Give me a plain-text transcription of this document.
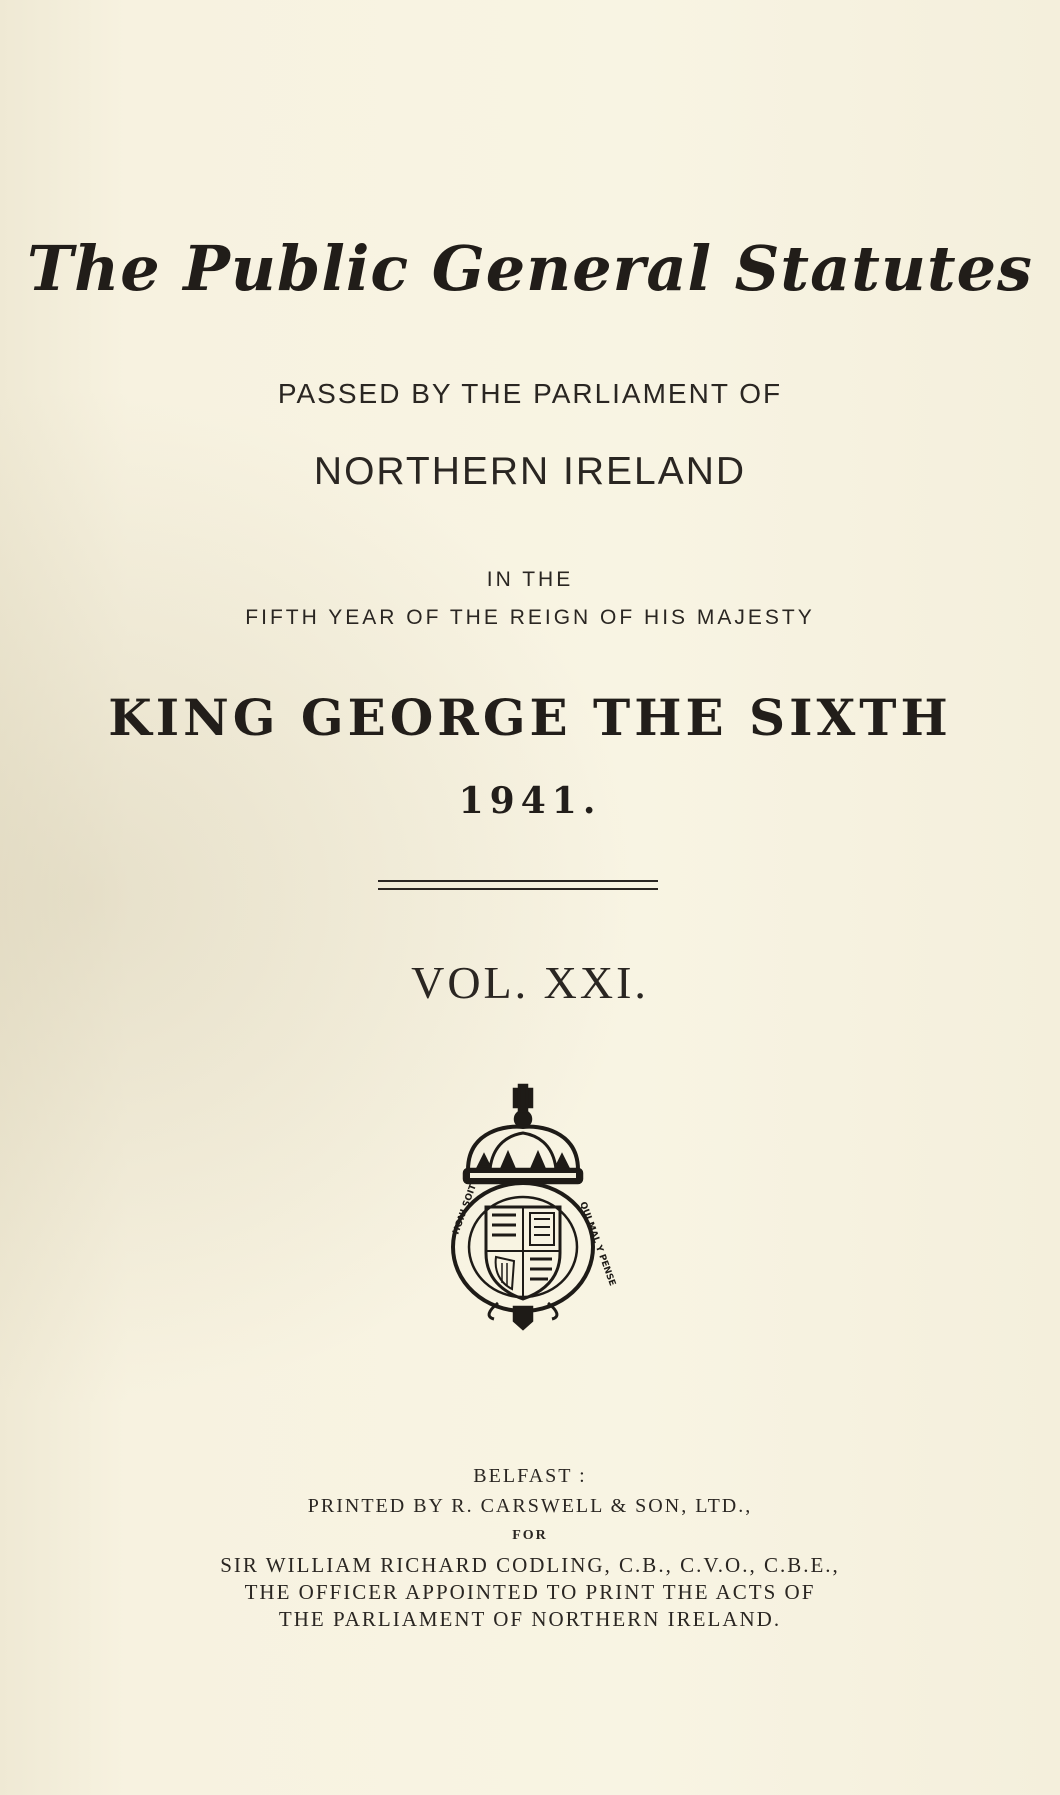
The Public General Statutes
PASSED BY THE PARLIAMENT OF
NORTHERN IRELAND
IN THE
FIFTH YEAR OF THE REIGN OF HIS MAJESTY
KING GEORGE THE SIXTH
1941.
VOL. XXI.
HONI SOIT	QUI MAL Y PENSE
BELFAST :
PRINTED BY R. CARSWELL & SON, LTD.,
FOR
SIR WILLIAM RICHARD CODLING, C.B., C.V.O., C.B.E.,
THE OFFICER APPOINTED TO PRINT THE ACTS OF
THE PARLIAMENT OF NORTHERN IRELAND.
